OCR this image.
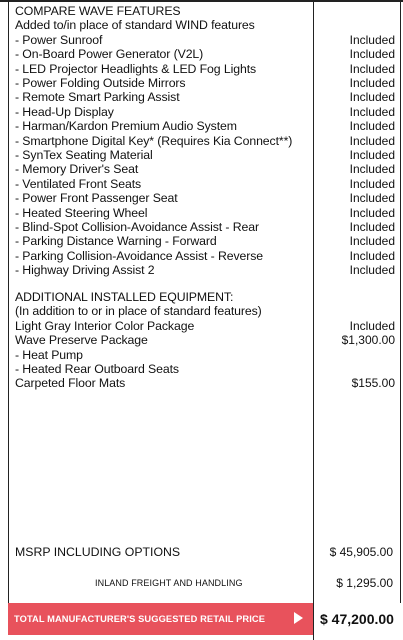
COMPARE WAVE FEATURES
Added to/in place of standard WIND features
- Power Sunroof	Included
- On-Board Power Generator (V2L)	Included
- LED Projector Headlights & LED Fog Lights	Included
- Power Folding Outside Mirrors	Included
- Remote Smart Parking Assist	Included
- Head-Up Display	Included
- Harman/Kardon Premium Audio System	Included
- Smartphone Digital Key* (Requires Kia Connect**)	Included
- SynTex Seating Material	Included
- Memory Driver's Seat	Included
- Ventilated Front Seats	Included
- Power Front Passenger Seat	Included
- Heated Steering Wheel	Included
- Blind-Spot Collision-Avoidance Assist - Rear	Included
- Parking Distance Warning - Forward	Included
- Parking Collision-Avoidance Assist - Reverse	Included
- Highway Driving Assist 2	Included
ADDITIONAL INSTALLED EQUIPMENT:
(In addition to or in place of standard features)
Light Gray Interior Color Package	Included
Wave Preserve Package	$1,300.00
- Heat Pump
- Heated Rear Outboard Seats
Carpeted Floor Mats	$155.00
MSRP INCLUDING OPTIONS	$ 45,905.00
INLAND FREIGHT AND HANDLING	$ 1,295.00
TOTAL MANUFACTURER'S SUGGESTED RETAIL PRICE	$ 47,200.00
